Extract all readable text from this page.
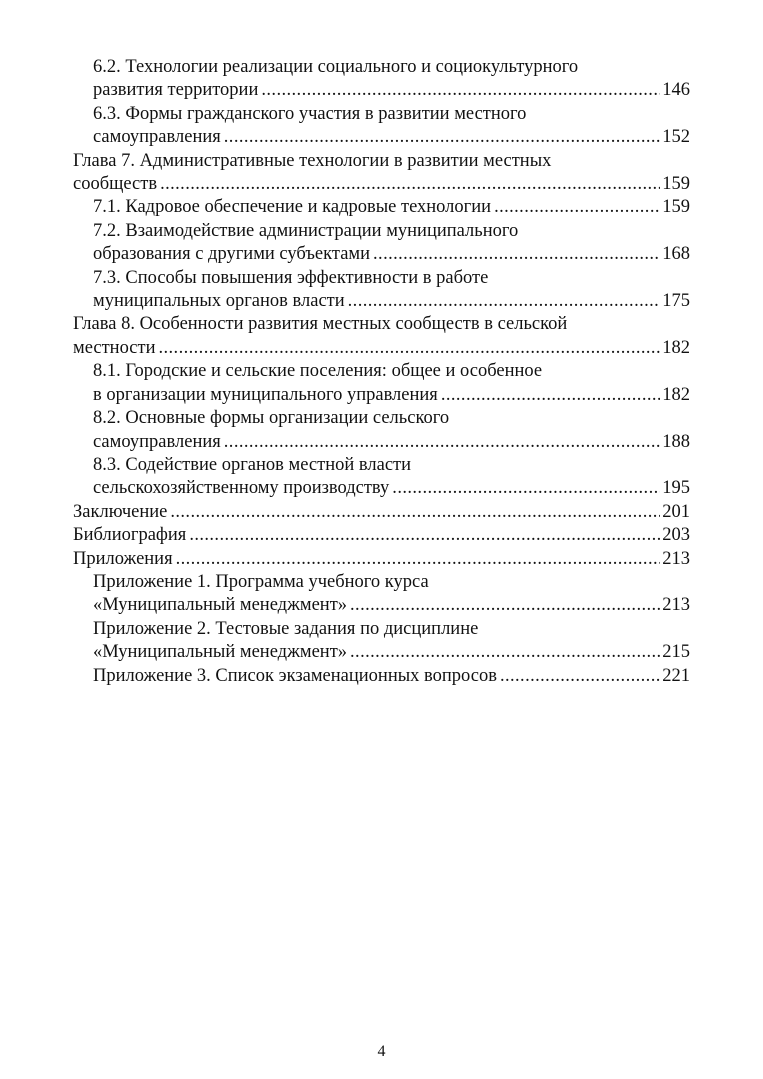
6.2. Технологии реализации социального и социокультурного
развития территории .....	146
6.3. Формы гражданского участия в развитии местного
самоуправления .....	152
Глава 7. Административные технологии в развитии местных
сообществ .....	159
7.1. Кадровое обеспечение и кадровые технологии .....	159
7.2. Взаимодействие администрации муниципального
образования с другими субъектами .....	168
7.3. Способы повышения эффективности в работе
муниципальных органов власти .....	175
Глава 8. Особенности развития местных сообществ в сельской
местности .....	182
8.1. Городские и сельские поселения: общее и особенное
в организации муниципального управления .....	182
8.2. Основные формы организации сельского
самоуправления .....	188
8.3. Содействие органов местной власти
сельскохозяйственному производству .....	195
Заключение .....	201
Библиография .....	203
Приложения .....	213
Приложение 1. Программа учебного курса
«Муниципальный менеджмент» .....	213
Приложение 2. Тестовые задания по дисциплине
«Муниципальный менеджмент» .....	215
Приложение 3. Список экзаменационных вопросов .....	221
4
